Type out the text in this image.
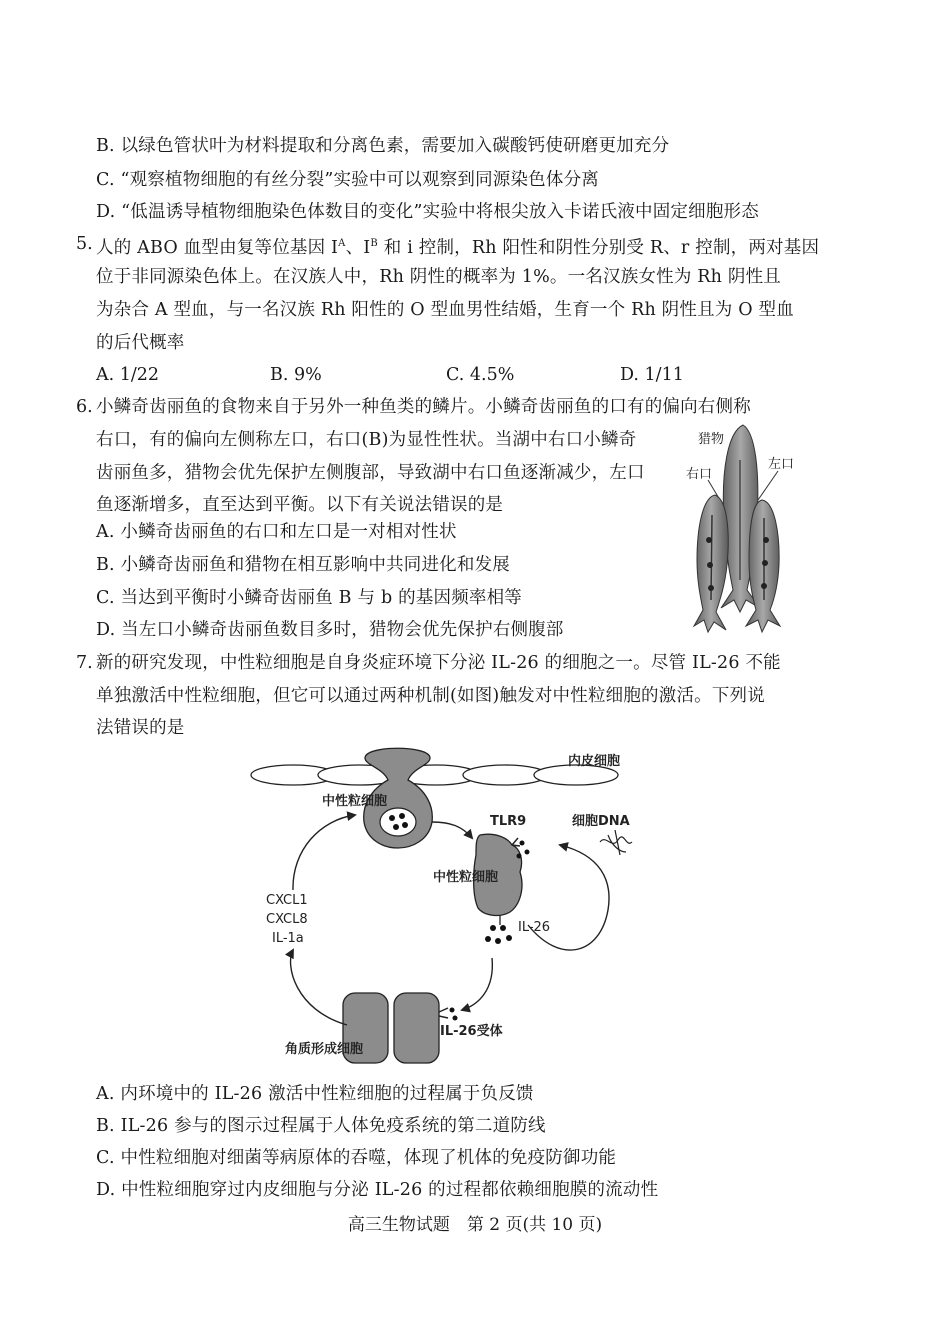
B. 以绿色管状叶为材料提取和分离色素，需要加入碳酸钙使研磨更加充分
C. “观察植物细胞的有丝分裂”实验中可以观察到同源染色体分离
D. “低温诱导植物细胞染色体数目的变化”实验中将根尖放入卡诺氏液中固定细胞形态
5. 人的 ABO 血型由复等位基因 $I^A$、$I^B$ 和 i 控制，Rh 阳性和阴性分别受 R、r 控制，两对基因
位于非同源染色体上。在汉族人中，Rh 阴性的概率为 1%。一名汉族女性为 Rh 阴性且
为杂合 A 型血，与一名汉族 Rh 阳性的 O 型血男性结婚，生育一个 Rh 阴性且为 O 型血
的后代概率
A. 1/22	B. 9%	C. 4.5%	D. 1/11
6. 小鳞奇齿丽鱼的食物来自于另外一种鱼类的鳞片。小鳞奇齿丽鱼的口有的偏向右侧称
右口，有的偏向左侧称左口，右口(B)为显性性状。当湖中右口小鳞奇
齿丽鱼多，猎物会优先保护左侧腹部，导致湖中右口鱼逐渐减少，左口
鱼逐渐增多，直至达到平衡。以下有关说法错误的是
A. 小鳞奇齿丽鱼的右口和左口是一对相对性状
B. 小鳞奇齿丽鱼和猎物在相互影响中共同进化和发展
C. 当达到平衡时小鳞奇齿丽鱼 B 与 b 的基因频率相等
D. 当左口小鳞奇齿丽鱼数目多时，猎物会优先保护右侧腹部
猎物
右口
左口
7. 新的研究发现，中性粒细胞是自身炎症环境下分泌 IL-26 的细胞之一。尽管 IL-26 不能
单独激活中性粒细胞，但它可以通过两种机制(如图)触发对中性粒细胞的激活。下列说
法错误的是
内皮细胞
中性粒细胞
TLR9	细胞DNA
中性粒细胞
CXCL1
CXCL8
IL-1a
IL-26
IL-26受体
角质形成细胞
A. 内环境中的 IL-26 激活中性粒细胞的过程属于负反馈
B. IL-26 参与的图示过程属于人体免疫系统的第二道防线
C. 中性粒细胞对细菌等病原体的吞噬，体现了机体的免疫防御功能
D. 中性粒细胞穿过内皮细胞与分泌 IL-26 的过程都依赖细胞膜的流动性
高三生物试题　第 2 页(共 10 页)
